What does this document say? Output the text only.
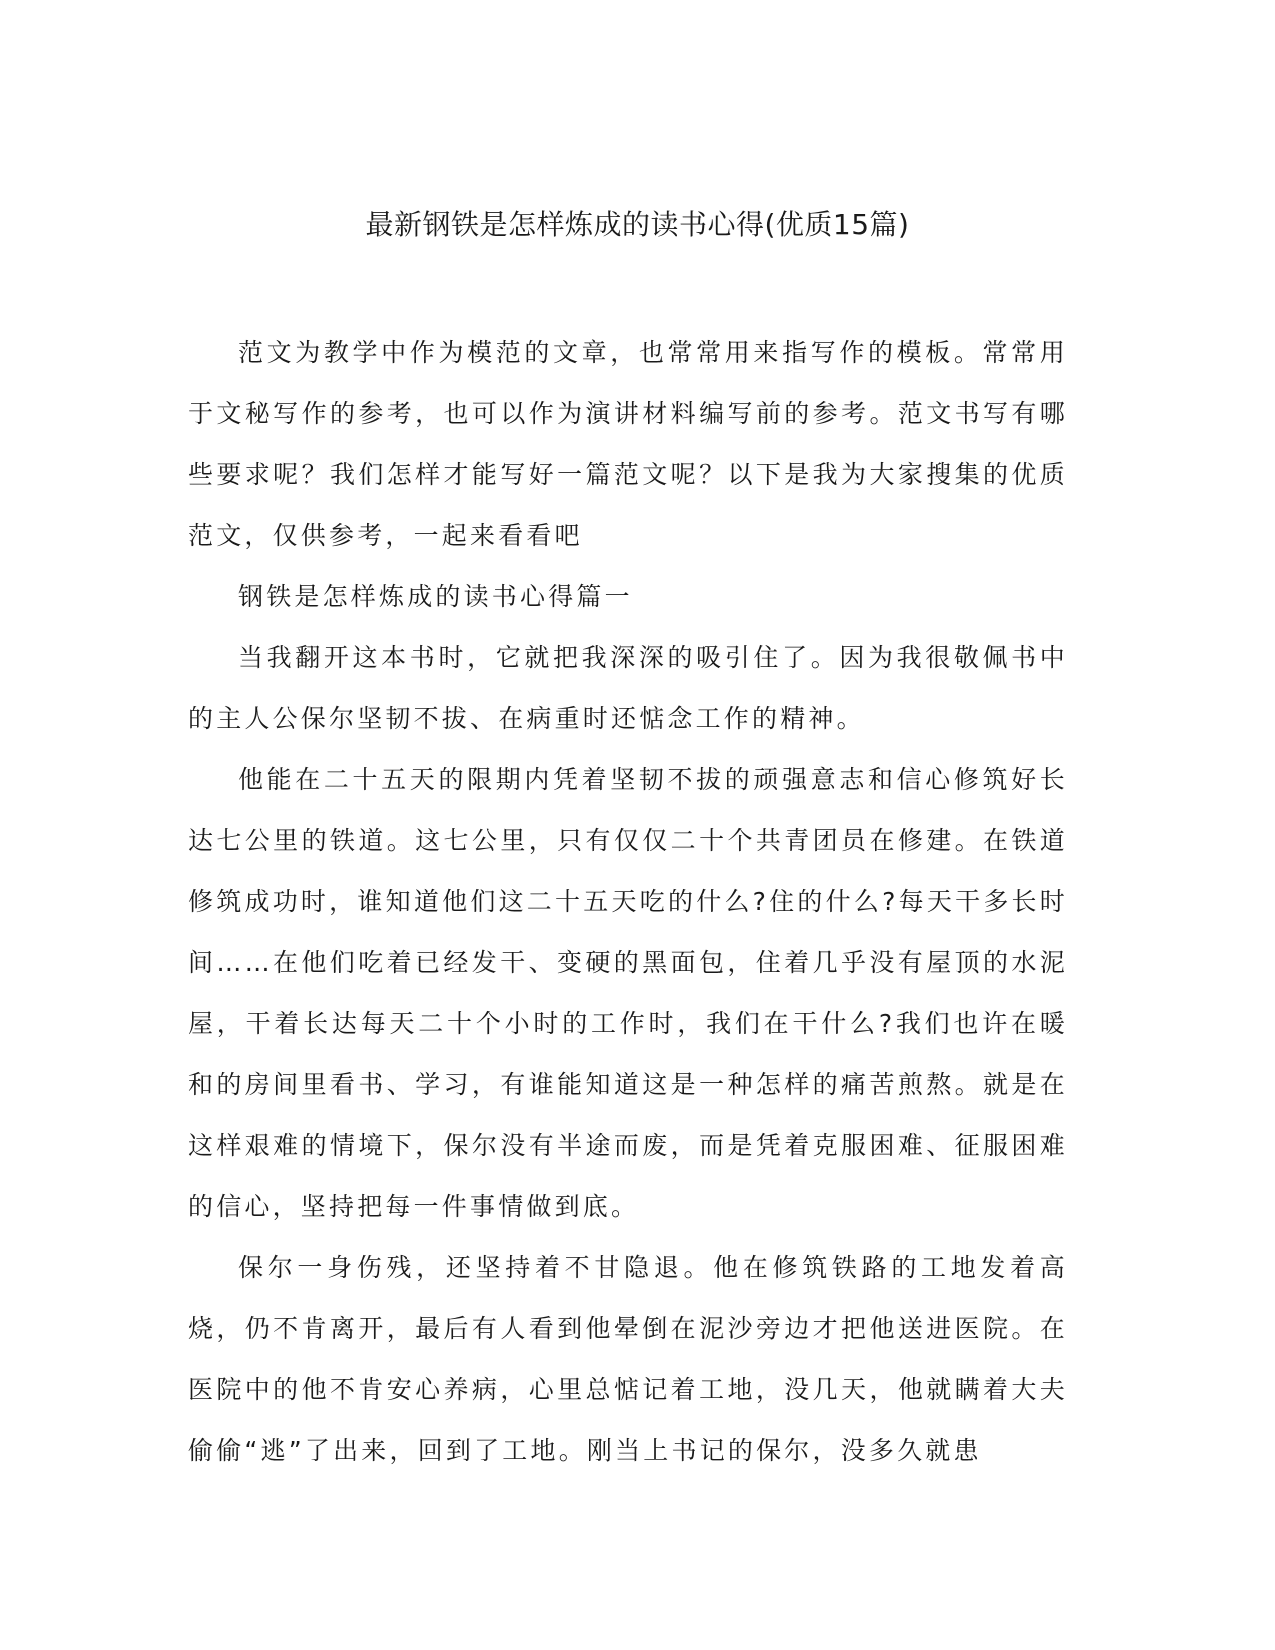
最新钢铁是怎样炼成的读书心得(优质15篇)

范文为教学中作为模范的文章，也常常用来指写作的模板。常常用于文秘写作的参考，也可以作为演讲材料编写前的参考。范文书写有哪些要求呢？我们怎样才能写好一篇范文呢？以下是我为大家搜集的优质范文，仅供参考，一起来看看吧

钢铁是怎样炼成的读书心得篇一

当我翻开这本书时，它就把我深深的吸引住了。因为我很敬佩书中的主人公保尔坚韧不拔、在病重时还惦念工作的精神。

他能在二十五天的限期内凭着坚韧不拔的顽强意志和信心修筑好长达七公里的铁道。这七公里，只有仅仅二十个共青团员在修建。在铁道修筑成功时，谁知道他们这二十五天吃的什么?住的什么?每天干多长时间……在他们吃着已经发干、变硬的黑面包，住着几乎没有屋顶的水泥屋，干着长达每天二十个小时的工作时，我们在干什么?我们也许在暖和的房间里看书、学习，有谁能知道这是一种怎样的痛苦煎熬。就是在这样艰难的情境下，保尔没有半途而废，而是凭着克服困难、征服困难的信心，坚持把每一件事情做到底。

保尔一身伤残，还坚持着不甘隐退。他在修筑铁路的工地发着高烧，仍不肯离开，最后有人看到他晕倒在泥沙旁边才把他送进医院。在医院中的他不肯安心养病，心里总惦记着工地，没几天，他就瞒着大夫偷偷“逃”了出来，回到了工地。刚当上书记的保尔，没多久就患
